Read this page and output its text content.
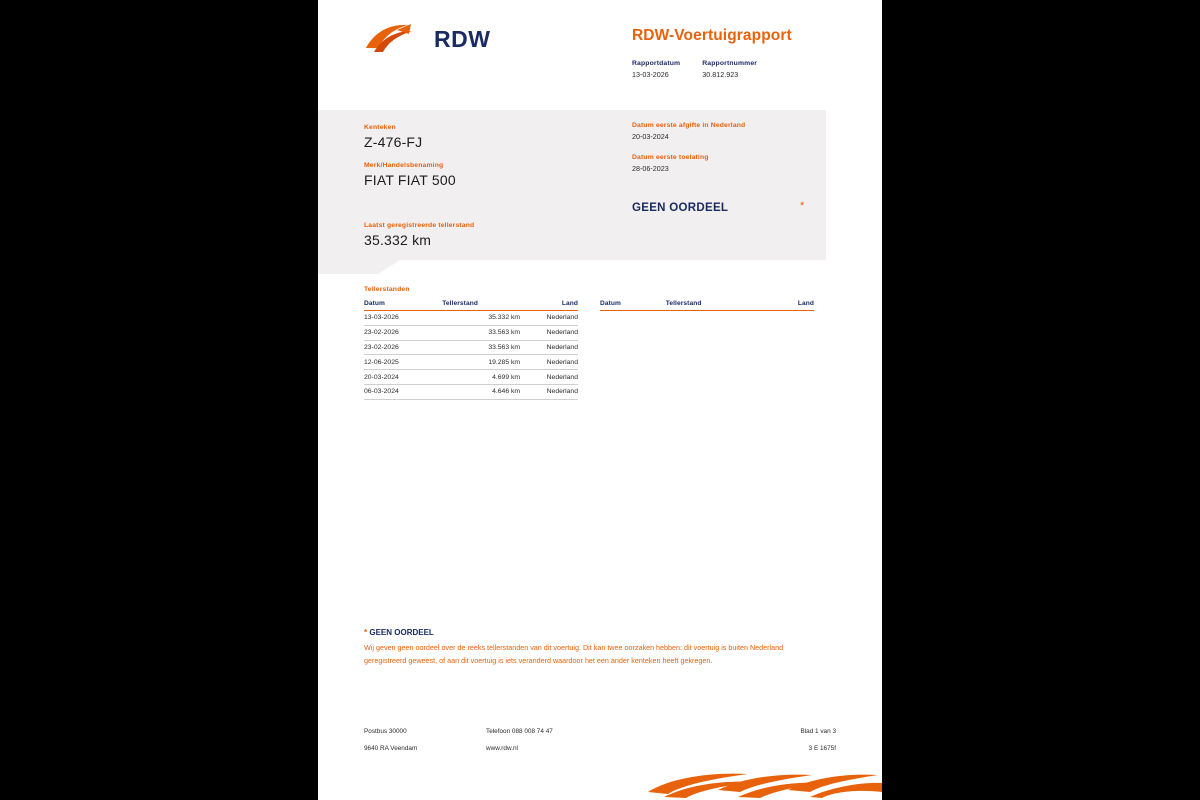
RDW	RDW-Voertuigrapport
Rapportdatum
13-03-2026
Rapportnummer
30.812.923
Kenteken
Z-476-FJ
Merk/Handelsbenaming
FIAT FIAT 500
Laatst geregistreerde tellerstand
35.332 km
Datum eerste afgifte in Nederland
20-03-2024
Datum eerste toelating
28-06-2023
GEEN OORDEEL	*
Tellerstanden
Datum	Tellerstand	Land
13-03-2026	35.332 km	Nederland
23-02-2026	33.563 km	Nederland
23-02-2026	33.563 km	Nederland
12-06-2025	19.285 km	Nederland
20-03-2024	4.699 km	Nederland
06-03-2024	4.646 km	Nederland
Datum	Tellerstand	Land
* GEEN OORDEEL
Wij geven geen oordeel over de reeks tellerstanden van dit voertuig. Dit kan twee oorzaken hebben: dit voertuig is buiten Nederland geregistreerd geweest, of aan dit voertuig is iets veranderd waardoor het een ander kenteken heeft gekregen.
Postbus 30000
9640 RA Veendam
Telefoon 088 008 74 47
www.rdw.nl
Blad 1 van 3
3 E 1675f
